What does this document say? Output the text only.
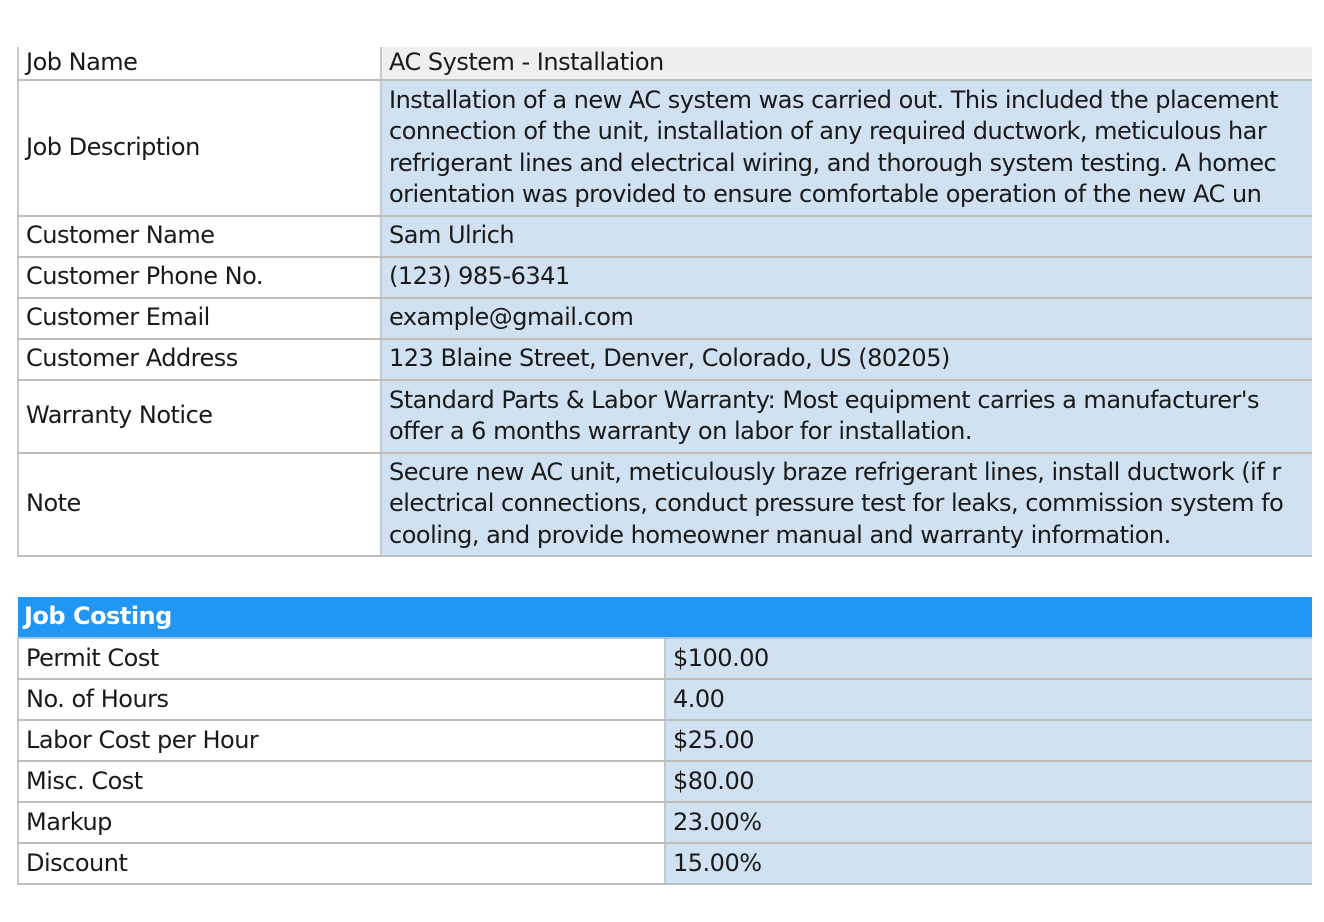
Job Name	AC System - Installation
Job Description	Installation of a new AC system was carried out. This included the placement
connection of the unit, installation of any required ductwork, meticulous har
refrigerant lines and electrical wiring, and thorough system testing. A homec
orientation was provided to ensure comfortable operation of the new AC un

Customer Name	Sam Ulrich
Customer Phone No.	(123) 985-6341
Customer Email	example@gmail.com
Customer Address	123 Blaine Street, Denver, Colorado, US (80205)
Warranty Notice	Standard Parts & Labor Warranty: Most equipment carries a manufacturer's
offer a 6 months warranty on labor for installation.

Note	Secure new AC unit, meticulously braze refrigerant lines, install ductwork (if r
electrical connections, conduct pressure test for leaks, commission system fo
cooling, and provide homeowner manual and warranty information.
Job Costing	
Permit Cost	$100.00
No. of Hours	4.00
Labor Cost per Hour	$25.00
Misc. Cost	$80.00
Markup	23.00%
Discount	15.00%
